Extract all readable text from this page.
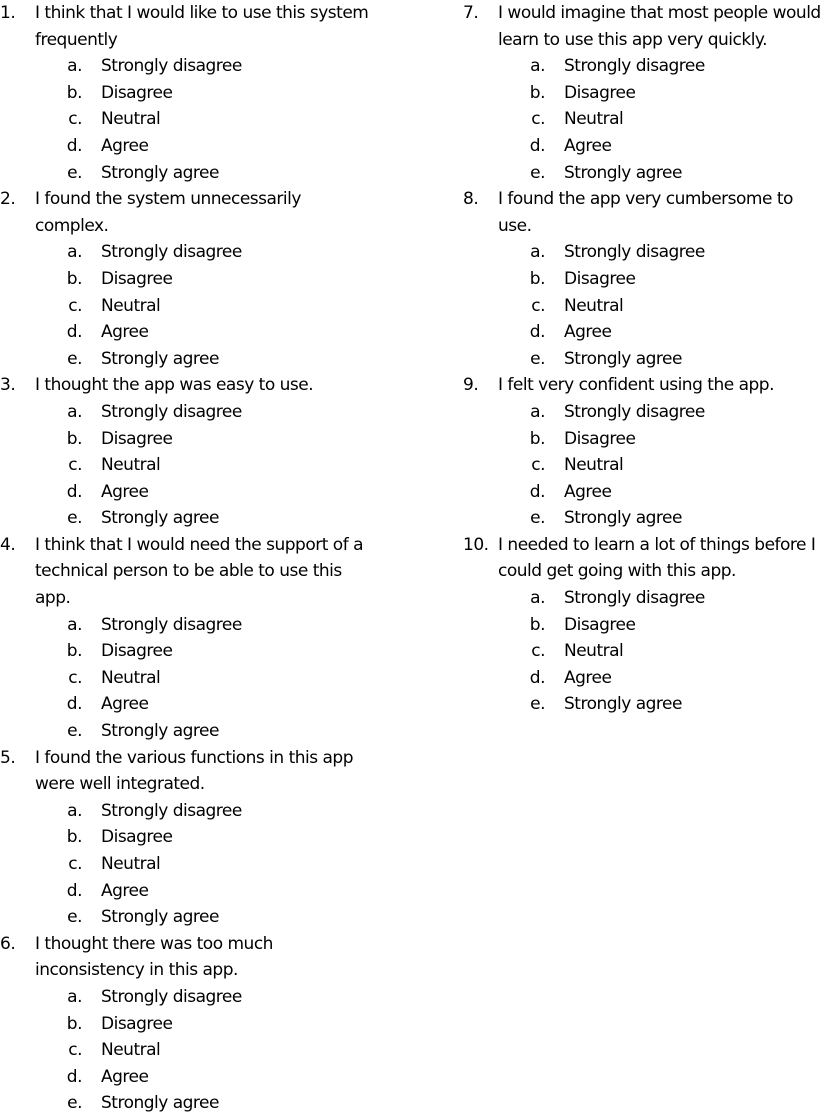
1.	I think that I would like to use this system frequently
a.	Strongly disagree
b.	Disagree
c.	Neutral
d.	Agree
e.	Strongly agree
2.	I found the system unnecessarily complex.
a.	Strongly disagree
b.	Disagree
c.	Neutral
d.	Agree
e.	Strongly agree
3.	I thought the app was easy to use.
a.	Strongly disagree
b.	Disagree
c.	Neutral
d.	Agree
e.	Strongly agree
4.	I think that I would need the support of a technical person to be able to use this app.
a.	Strongly disagree
b.	Disagree
c.	Neutral
d.	Agree
e.	Strongly agree
5.	I found the various functions in this app were well integrated.
a.	Strongly disagree
b.	Disagree
c.	Neutral
d.	Agree
e.	Strongly agree
6.	I thought there was too much inconsistency in this app.
a.	Strongly disagree
b.	Disagree
c.	Neutral
d.	Agree
e.	Strongly agree
7.	I would imagine that most people would learn to use this app very quickly.
a.	Strongly disagree
b.	Disagree
c.	Neutral
d.	Agree
e.	Strongly agree
8.	I found the app very cumbersome to use.
a.	Strongly disagree
b.	Disagree
c.	Neutral
d.	Agree
e.	Strongly agree
9.	I felt very confident using the app.
a.	Strongly disagree
b.	Disagree
c.	Neutral
d.	Agree
e.	Strongly agree
10. I needed to learn a lot of things before I could get going with this app.
a.	Strongly disagree
b.	Disagree
c.	Neutral
d.	Agree
e.	Strongly agree
